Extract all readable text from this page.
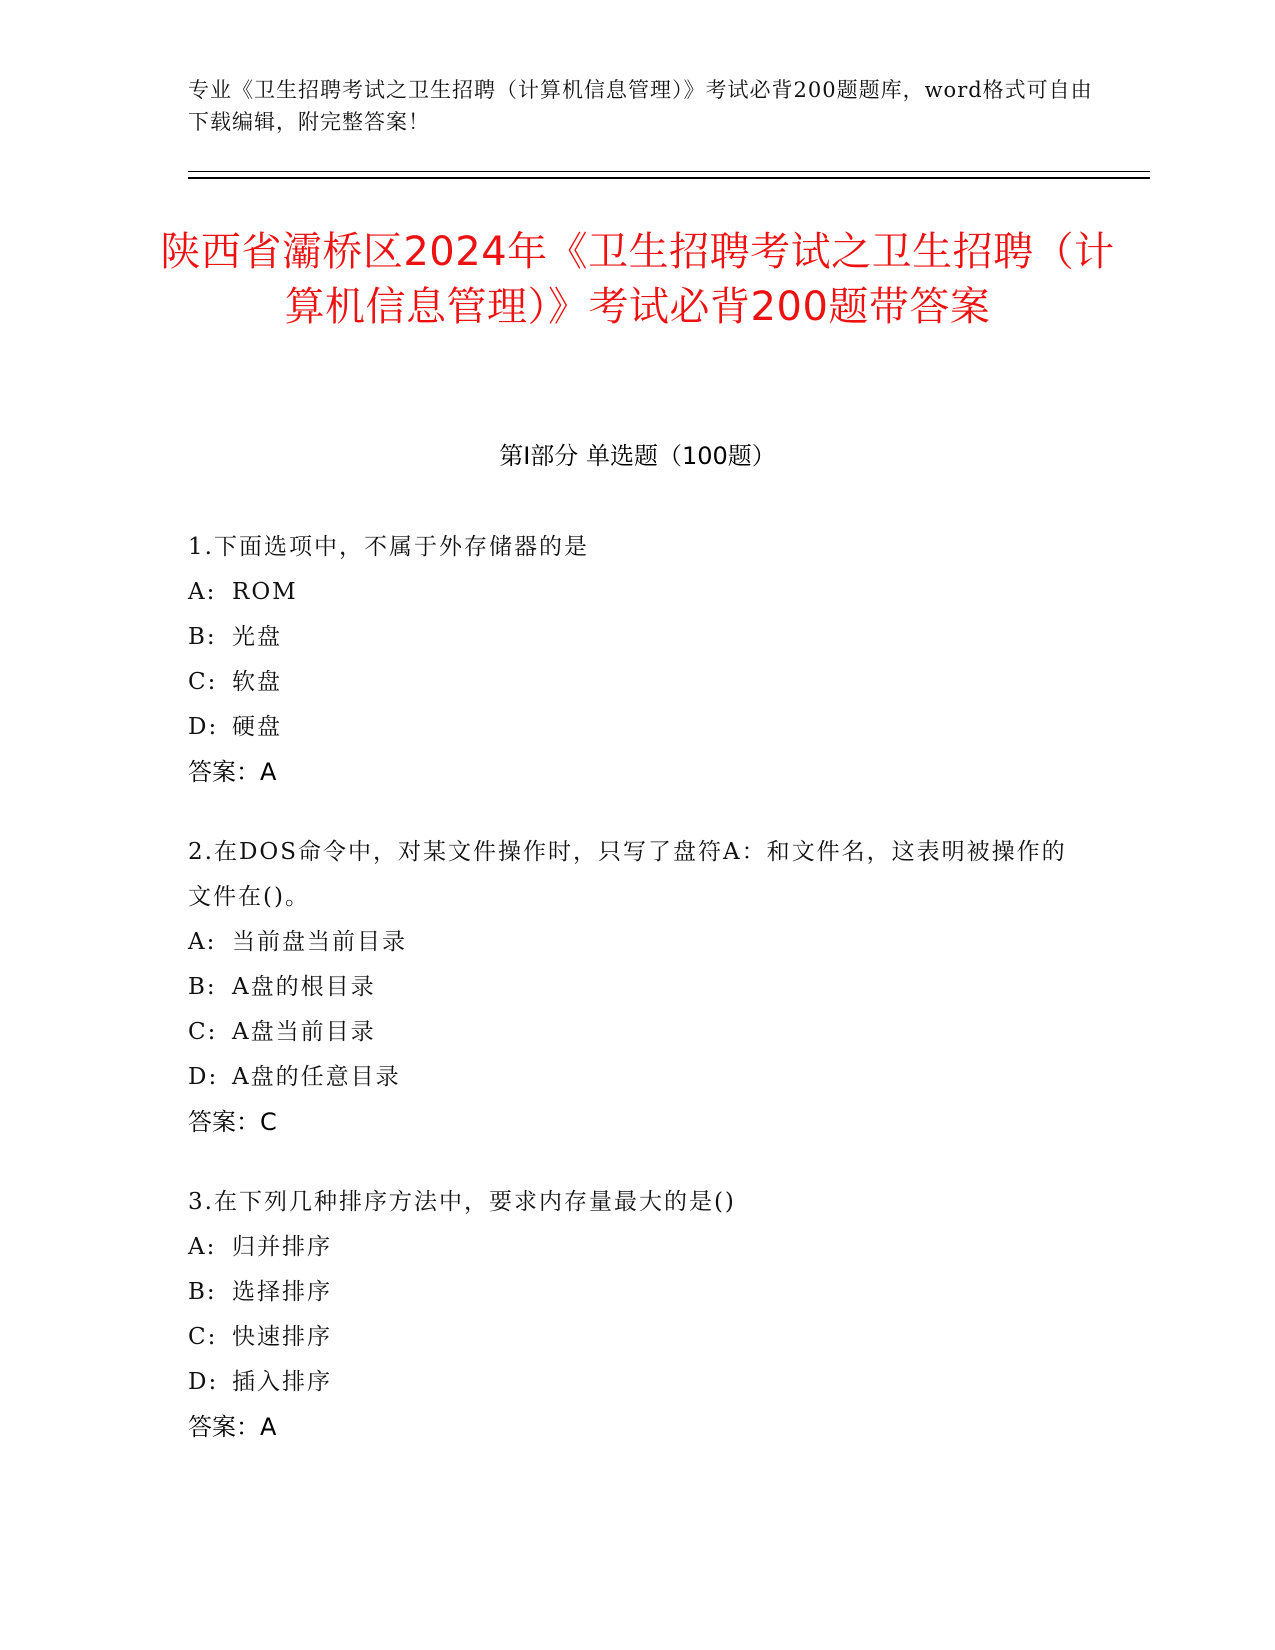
专业《卫生招聘考试之卫生招聘（计算机信息管理）》考试必背200题题库，word格式可自由下载编辑，附完整答案！
陕西省灞桥区2024年《卫生招聘考试之卫生招聘（计算机信息管理）》考试必背200题带答案
第I部分 单选题（100题）
1.下面选项中，不属于外存储器的是
A: ROM
B: 光盘
C: 软盘
D: 硬盘
答案：A
2.在DOS命令中，对某文件操作时，只写了盘符A：和文件名，这表明被操作的文件在()。
A: 当前盘当前目录
B: A盘的根目录
C: A盘当前目录
D: A盘的任意目录
答案：C
3.在下列几种排序方法中，要求内存量最大的是()
A: 归并排序
B: 选择排序
C: 快速排序
D: 插入排序
答案：A
